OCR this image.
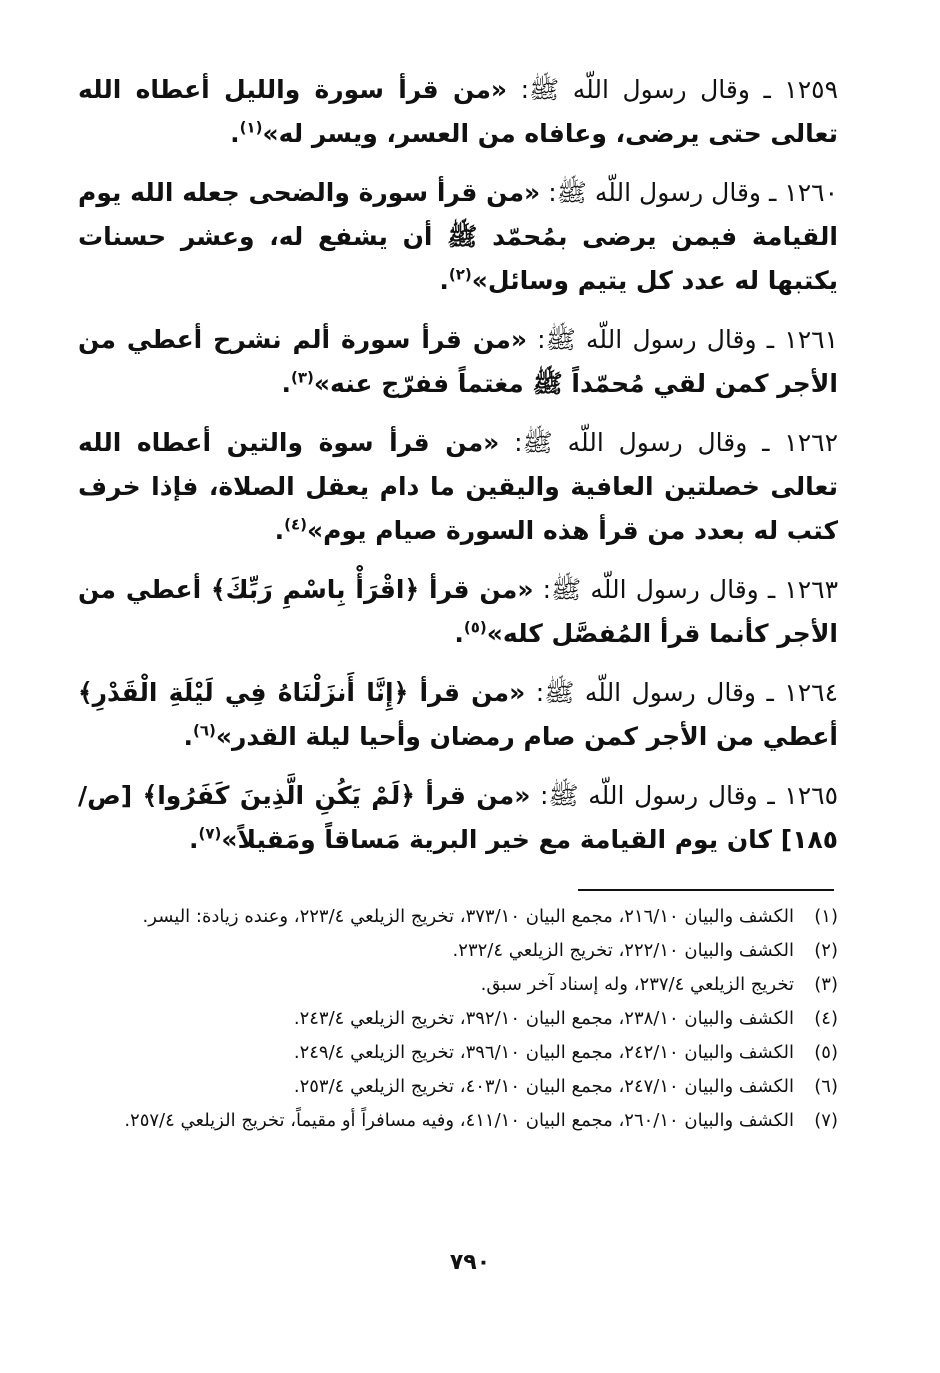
١٢٥٩ ـ وقال رسول اللّه ﷺ: «من قرأ سورة والليل أعطاه الله تعالى حتى يرضى، وعافاه من العسر، ويسر له»$^{(١)}$.

١٢٦٠ ـ وقال رسول اللّه ﷺ: «من قرأ سورة والضحى جعله الله يوم القيامة فيمن يرضى بمُحمّد ﷺ أن يشفع له، وعشر حسنات يكتبها له عدد كل يتيم وسائل»$^{(٢)}$.

١٢٦١ ـ وقال رسول اللّه ﷺ: «من قرأ سورة ألم نشرح أعطي من الأجر كمن لقي مُحمّداً ﷺ مغتماً ففرّج عنه»$^{(٣)}$.

١٢٦٢ ـ وقال رسول اللّه ﷺ: «من قرأ سوة والتين أعطاه الله تعالى خصلتين العافية واليقين ما دام يعقل الصلاة، فإذا خرف كتب له بعدد من قرأ هذه السورة صيام يوم»$^{(٤)}$.

١٢٦٣ ـ وقال رسول اللّه ﷺ: «من قرأ ﴿اقْرَأْ بِاسْمِ رَبِّكَ﴾ أعطي من الأجر كأنما قرأ المُفصَّل كله»$^{(٥)}$.

١٢٦٤ ـ وقال رسول اللّه ﷺ: «من قرأ ﴿إِنَّا أَنزَلْنَاهُ فِي لَيْلَةِ الْقَدْرِ﴾ أعطي من الأجر كمن صام رمضان وأحيا ليلة القدر»$^{(٦)}$.

١٢٦٥ ـ وقال رسول اللّه ﷺ: «من قرأ ﴿لَمْ يَكُنِ الَّذِينَ كَفَرُوا﴾ [ص/١٨٥] كان يوم القيامة مع خير البرية مَساقاً ومَقيلاً»$^{(٧)}$.

(١)
الكشف والبيان ٢١٦/١٠، مجمع البيان ٣٧٣/١٠، تخريج الزيلعي ٢٢٣/٤، وعنده زيادة: اليسر.

(٢)
الكشف والبيان ٢٢٢/١٠، تخريج الزيلعي ٢٣٢/٤.

(٣)
تخريج الزيلعي ٢٣٧/٤، وله إسناد آخر سبق.

(٤)
الكشف والبيان ٢٣٨/١٠، مجمع البيان ٣٩٢/١٠، تخريج الزيلعي ٢٤٣/٤.

(٥)
الكشف والبيان ٢٤٢/١٠، مجمع البيان ٣٩٦/١٠، تخريج الزيلعي ٢٤٩/٤.

(٦)
الكشف والبيان ٢٤٧/١٠، مجمع البيان ٤٠٣/١٠، تخريج الزيلعي ٢٥٣/٤.

(٧)
الكشف والبيان ٢٦٠/١٠، مجمع البيان ٤١١/١٠، وفيه مسافراً أو مقيماً، تخريج الزيلعي ٢٥٧/٤.

٧٩٠
